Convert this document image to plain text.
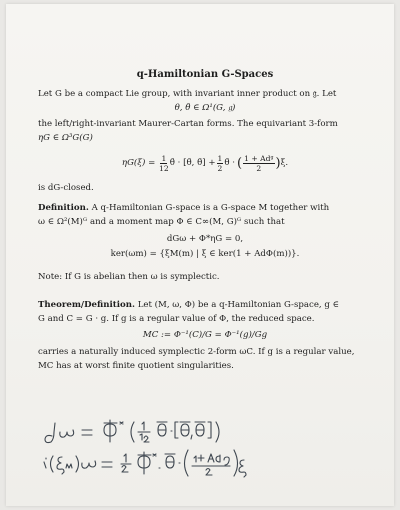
q-Hamiltonian G-Spaces
Let G be a compact Lie group, with invariant inner product on 𝔤. Let
θ, θ̄ ∈ Ω¹(G, 𝔤)
the left/right-invariant Maurer-Cartan forms. The equivariant 3-form
ηG ∈ Ω³G(G)
ηG(ξ) =
$\frac{1}{12}$ θ̄ · [θ̄, θ̄] + $\frac{1}{2}$ θ̄ · ( $\frac{\text{1 + Adᵍ}}{2}$ ) ξ.
is dG-closed.
Definition. A q-Hamiltonian G-space is a G-space M together with
ω ∈ Ω²(M)ᴳ and a moment map Φ ∈ C∞(M, G)ᴳ such that
dGω + Φ*ηG = 0,
ker(ωm) = {ξM(m) | ξ ∈ ker(1 + AdΦ(m))}.
Note: If G is abelian then ω is symplectic.
Theorem/Definition. Let (M, ω, Φ) be a q-Hamiltonian G-space, g ∈
G and C = G · g. If g is a regular value of Φ, the reduced space.
MC := Φ⁻¹(C)/G = Φ⁻¹(g)/Gg
carries a naturally induced symplectic 2-form ωC. If g is a regular value,
MC has at worst finite quotient singularities.
